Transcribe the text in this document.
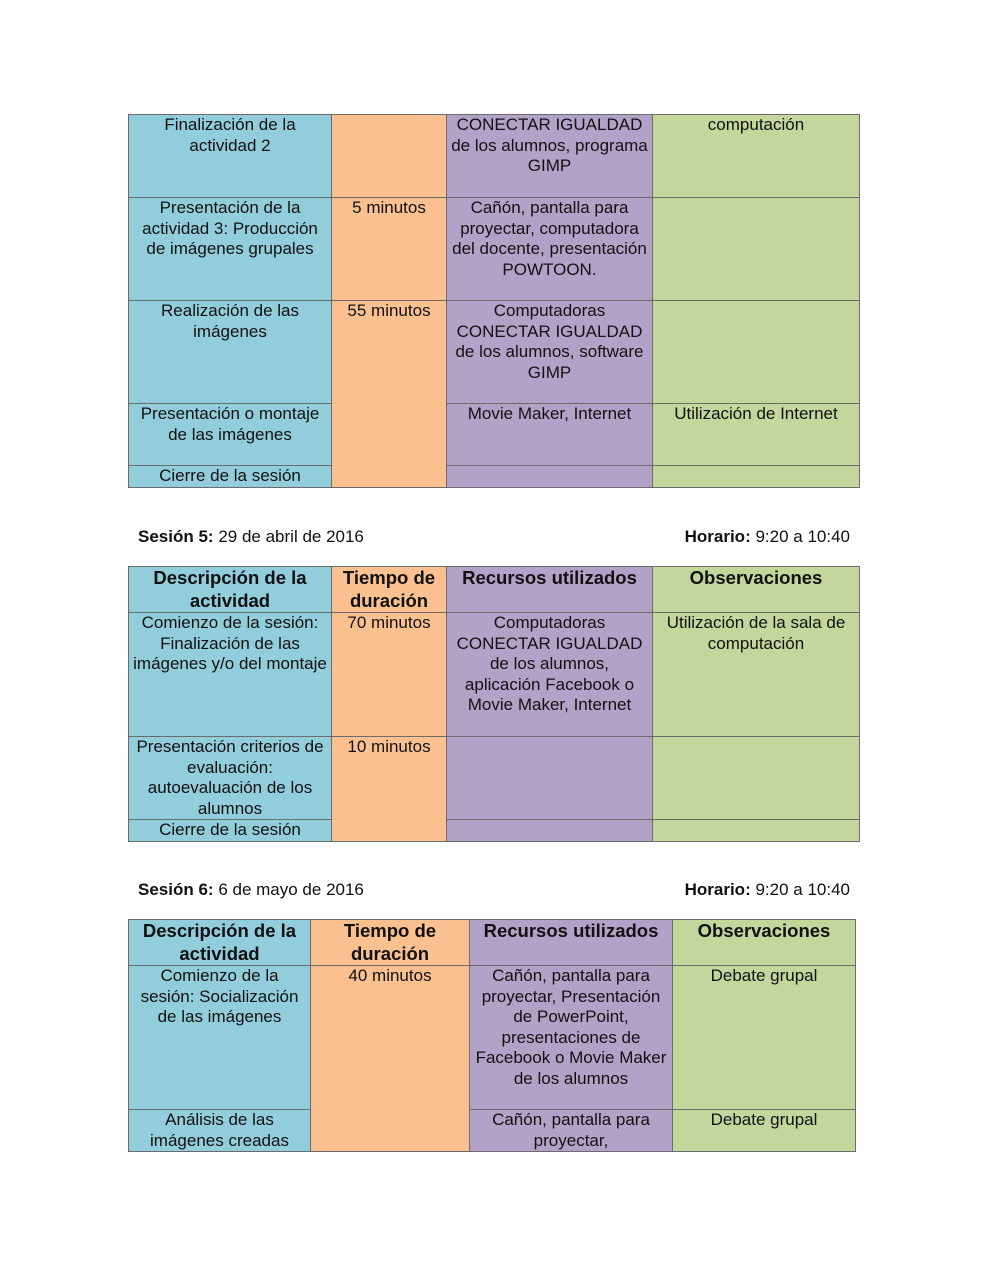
Finalización de la actividad 2		CONECTAR IGUALDAD de los alumnos, programa GIMP	computación
Presentación de la actividad 3: Producción de imágenes grupales	5 minutos	Cañón, pantalla para proyectar, computadora del docente, presentación POWTOON.	
Realización de las imágenes	55 minutos	Computadoras CONECTAR IGUALDAD de los alumnos, software GIMP	
Presentación o montaje de las imágenes		Movie Maker, Internet	Utilización de Internet
Cierre de la sesión			
Sesión 5: 29 de abril de 2016	Horario: 9:20 a 10:40
Descripción de la actividad	Tiempo de duración	Recursos utilizados	Observaciones
Comienzo de la sesión: Finalización de las imágenes y/o del montaje	70 minutos	Computadoras CONECTAR IGUALDAD de los alumnos, aplicación Facebook o Movie Maker, Internet	Utilización de la sala de computación
Presentación criterios de evaluación: autoevaluación de los alumnos	10 minutos		
Cierre de la sesión			
Sesión 6: 6 de mayo de 2016	Horario: 9:20 a 10:40
Descripción de la actividad	Tiempo de duración	Recursos utilizados	Observaciones
Comienzo de la sesión: Socialización de las imágenes	40 minutos	Cañón, pantalla para proyectar, Presentación de PowerPoint, presentaciones de Facebook o Movie Maker de los alumnos	Debate grupal
Análisis de las imágenes creadas		Cañón, pantalla para proyectar,	Debate grupal
